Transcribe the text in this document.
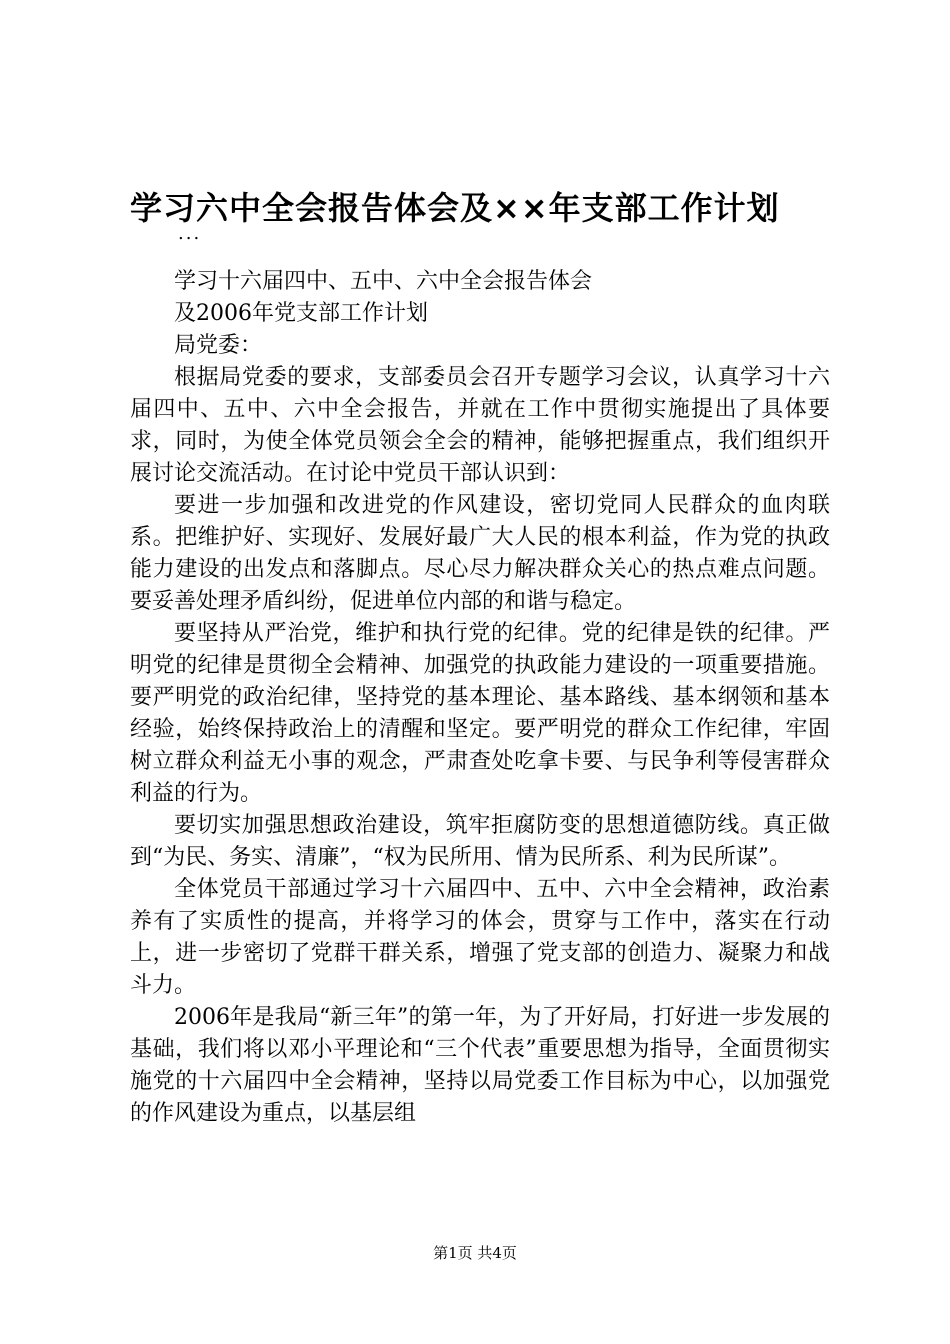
学习六中全会报告体会及××年支部工作计划
...

学习十六届四中、五中、六中全会报告体会

及2006年党支部工作计划

局党委：

根据局党委的要求，支部委员会召开专题学习会议，认真学习十六届四中、五中、六中全会报告，并就在工作中贯彻实施提出了具体要求，同时，为使全体党员领会全会的精神，能够把握重点，我们组织开展讨论交流活动。在讨论中党员干部认识到：

要进一步加强和改进党的作风建设，密切党同人民群众的血肉联系。把维护好、实现好、发展好最广大人民的根本利益，作为党的执政能力建设的出发点和落脚点。尽心尽力解决群众关心的热点难点问题。要妥善处理矛盾纠纷，促进单位内部的和谐与稳定。

要坚持从严治党，维护和执行党的纪律。党的纪律是铁的纪律。严明党的纪律是贯彻全会精神、加强党的执政能力建设的一项重要措施。要严明党的政治纪律，坚持党的基本理论、基本路线、基本纲领和基本经验，始终保持政治上的清醒和坚定。要严明党的群众工作纪律，牢固树立群众利益无小事的观念，严肃查处吃拿卡要、与民争利等侵害群众利益的行为。

要切实加强思想政治建设，筑牢拒腐防变的思想道德防线。真正做到“为民、务实、清廉”，“权为民所用、情为民所系、利为民所谋”。

全体党员干部通过学习十六届四中、五中、六中全会精神，政治素养有了实质性的提高，并将学习的体会，贯穿与工作中，落实在行动上，进一步密切了党群干群关系，增强了党支部的创造力、凝聚力和战斗力。

2006年是我局“新三年”的第一年，为了开好局，打好进一步发展的基础，我们将以邓小平理论和“三个代表”重要思想为指导，全面贯彻实施党的十六届四中全会精神，坚持以局党委工作目标为中心，以加强党的作风建设为重点，以基层组

第1页 共4页
